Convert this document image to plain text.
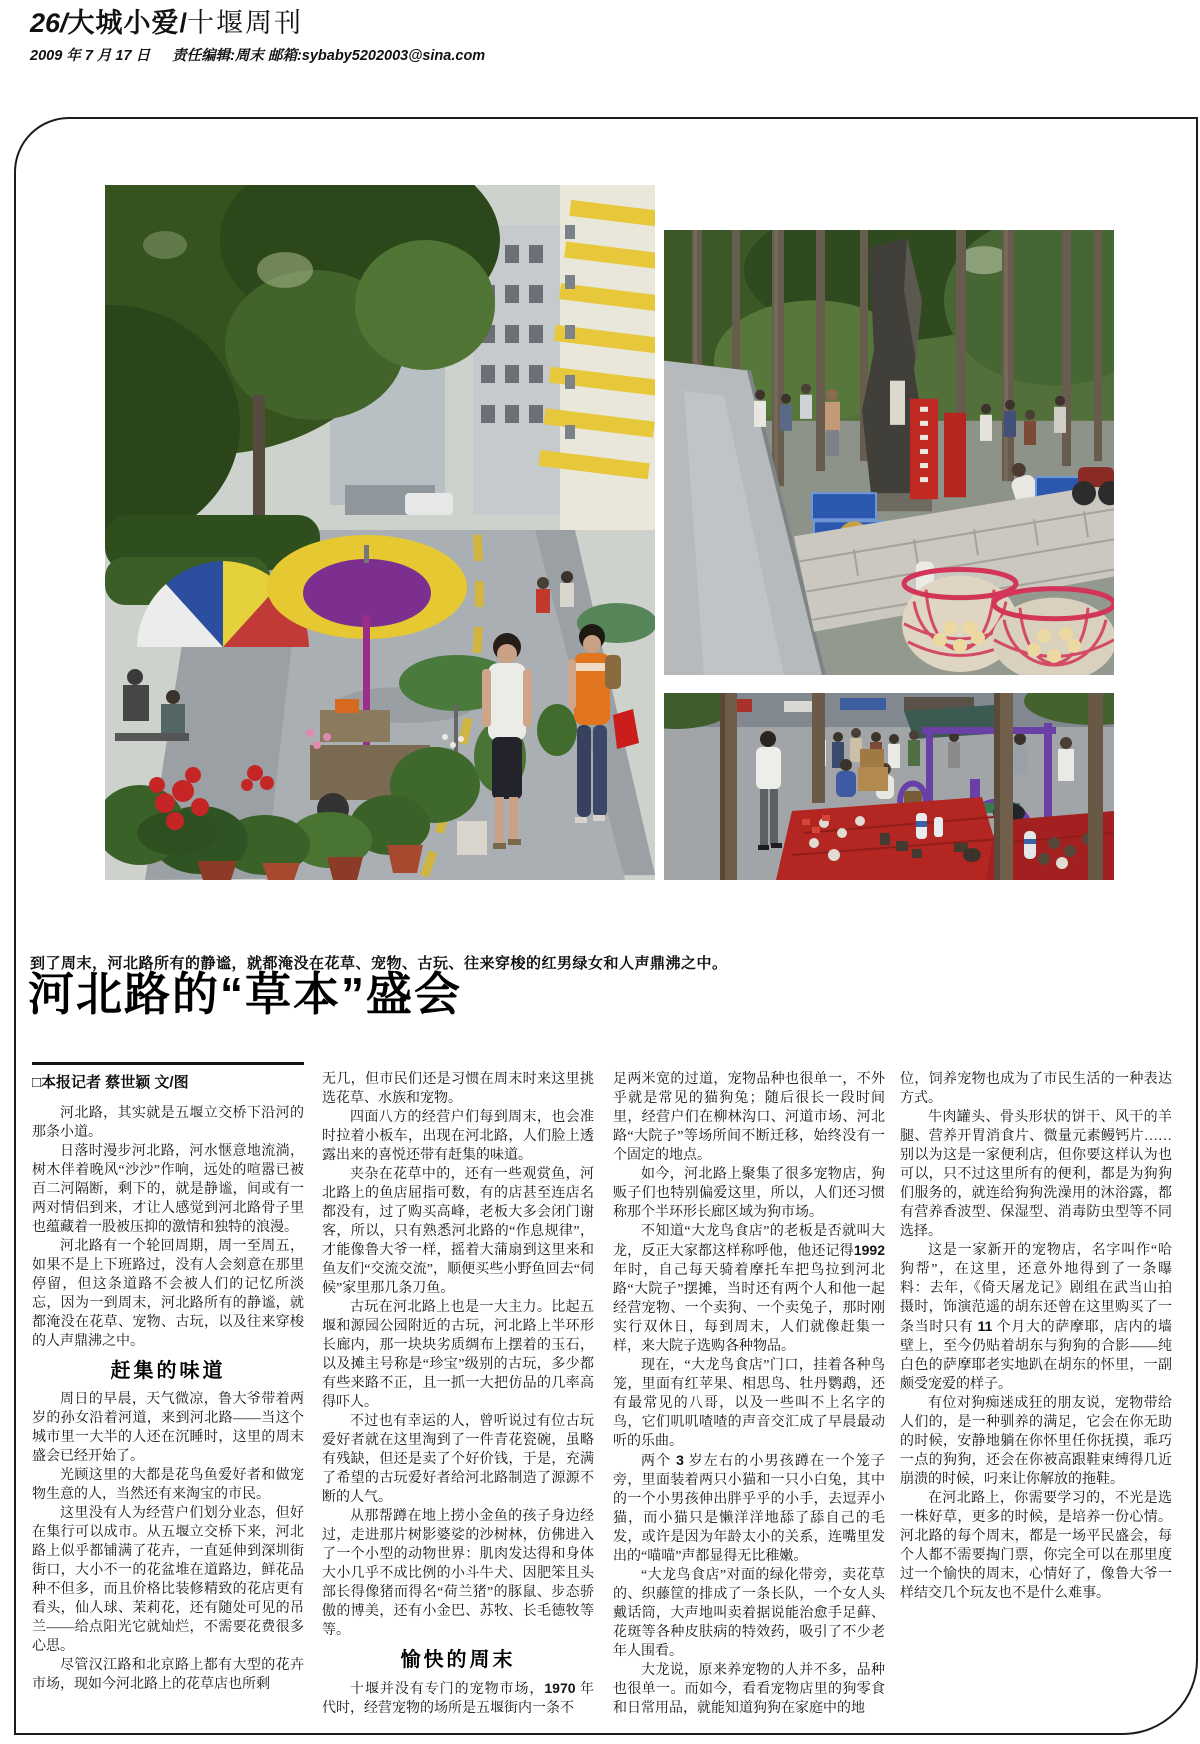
26/大城小爱/十堰周刊
2009 年 7 月 17 日 责任编辑:周末 邮箱:sybaby5202003@sina.com
到了周末，河北路所有的静谧，就都淹没在花草、宠物、古玩、往来穿梭的红男绿女和人声鼎沸之中。
河北路的“草本”盛会
□本报记者 蔡世颖 文/图

河北路，其实就是五堰立交桥下沿河的那条小道。

日落时漫步河北路，河水惬意地流淌，树木伴着晚风“沙沙”作响，远处的喧嚣已被百二河隔断，剩下的，就是静谧，间或有一两对情侣到来，才让人感觉到河北路骨子里也蕴藏着一股被压抑的激情和独特的浪漫。

河北路有一个轮回周期，周一至周五，如果不是上下班路过，没有人会刻意在那里停留，但这条道路不会被人们的记忆所淡忘，因为一到周末，河北路所有的静谧，就都淹没在花草、宠物、古玩，以及往来穿梭的人声鼎沸之中。

赶集的味道

周日的早晨，天气微凉，鲁大爷带着两岁的孙女沿着河道，来到河北路——当这个城市里一大半的人还在沉睡时，这里的周末盛会已经开始了。

光顾这里的大都是花鸟鱼爱好者和做宠物生意的人，当然还有来淘宝的市民。

这里没有人为经营户们划分业态，但好在集行可以成市。从五堰立交桥下来，河北路上似乎都铺满了花卉，一直延伸到深圳街街口，大小不一的花盆堆在道路边，鲜花品种不但多，而且价格比装修精致的花店更有看头，仙人球、茉莉花，还有随处可见的吊兰——给点阳光它就灿烂，不需要花费很多心思。

尽管汉江路和北京路上都有大型的花卉市场，现如今河北路上的花草店也所剩

无几，但市民们还是习惯在周末时来这里挑选花草、水族和宠物。

四面八方的经营户们每到周末，也会准时拉着小板车，出现在河北路，人们脸上透露出来的喜悦还带有赶集的味道。

夹杂在花草中的，还有一些观赏鱼，河北路上的鱼店屈指可数，有的店甚至连店名都没有，过了购买高峰，老板大多会闭门谢客，所以，只有熟悉河北路的“作息规律”，才能像鲁大爷一样，摇着大蒲扇到这里来和鱼友们“交流交流”，顺便买些小野鱼回去“伺候”家里那几条刀鱼。

古玩在河北路上也是一大主力。比起五堰和源园公园附近的古玩，河北路上半环形长廊内，那一块块劣质绸布上摆着的玉石，以及摊主号称是“珍宝”级别的古玩，多少都有些来路不正，且一抓一大把仿品的几率高得吓人。

不过也有幸运的人，曾听说过有位古玩爱好者就在这里淘到了一件青花瓷碗，虽略有残缺，但还是卖了个好价钱，于是，充满了希望的古玩爱好者给河北路制造了源源不断的人气。

从那帮蹲在地上捞小金鱼的孩子身边经过，走进那片树影婆娑的沙树林，仿佛进入了一个小型的动物世界：肌肉发达得和身体大小几乎不成比例的小斗牛犬、因肥笨且头部长得像猪而得名“荷兰猪”的豚鼠、步态骄傲的博美，还有小金巴、苏牧、长毛德牧等等。

愉快的周末

十堰并没有专门的宠物市场，1970 年代时，经营宠物的场所是五堰街内一条不

足两米宽的过道，宠物品种也很单一，不外乎就是常见的猫狗兔；随后很长一段时间里，经营户们在柳林沟口、河道市场、河北路“大院子”等场所间不断迁移，始终没有一个固定的地点。

如今，河北路上聚集了很多宠物店，狗贩子们也特别偏爱这里，所以，人们还习惯称那个半环形长廊区域为狗市场。

不知道“大龙鸟食店”的老板是否就叫大龙，反正大家都这样称呼他，他还记得1992 年时，自己每天骑着摩托车把鸟拉到河北路“大院子”摆摊，当时还有两个人和他一起经营宠物、一个卖狗、一个卖兔子，那时刚实行双休日，每到周末，人们就像赶集一样，来大院子选购各种物品。

现在，“大龙鸟食店”门口，挂着各种鸟笼，里面有红苹果、相思鸟、牡丹鹦鹉，还有最常见的八哥，以及一些叫不上名字的鸟，它们叽叽喳喳的声音交汇成了早晨最动听的乐曲。

两个 3 岁左右的小男孩蹲在一个笼子旁，里面装着两只小猫和一只小白兔，其中的一个小男孩伸出胖乎乎的小手，去逗弄小猫，而小猫只是懒洋洋地舔了舔自己的毛发，或许是因为年龄太小的关系，连嘴里发出的“喵喵”声都显得无比稚嫩。

“大龙鸟食店”对面的绿化带旁，卖花草的、织藤筐的排成了一条长队，一个女人头戴话筒，大声地叫卖着据说能治愈手足藓、花斑等各种皮肤病的特效药，吸引了不少老年人围看。

大龙说，原来养宠物的人并不多，品种也很单一。而如今，看看宠物店里的狗零食和日常用品，就能知道狗狗在家庭中的地

位，饲养宠物也成为了市民生活的一种表达方式。

牛肉罐头、骨头形状的饼干、风干的羊腿、营养开胃消食片、微量元素鳗钙片……别以为这是一家便利店，但你要这样认为也可以，只不过这里所有的便利，都是为狗狗们服务的，就连给狗狗洗澡用的沐浴露，都有营养香波型、保湿型、消毒防虫型等不同选择。

这是一家新开的宠物店，名字叫作“哈狗帮”，在这里，还意外地得到了一条曝料：去年，《倚天屠龙记》剧组在武当山拍摄时，饰演范遥的胡东还曾在这里购买了一条当时只有 11 个月大的萨摩耶，店内的墙壁上，至今仍贴着胡东与狗狗的合影——纯白色的萨摩耶老实地趴在胡东的怀里，一副颇受宠爱的样子。

有位对狗痴迷成狂的朋友说，宠物带给人们的，是一种驯养的满足，它会在你无助的时候，安静地躺在你怀里任你抚摸，乖巧一点的狗狗，还会在你被高跟鞋束缚得几近崩溃的时候，叼来让你解放的拖鞋。

在河北路上，你需要学习的，不光是选一株好草，更多的时候，是培养一份心情。河北路的每个周末，都是一场平民盛会，每个人都不需要掏门票，你完全可以在那里度过一个愉快的周末，心情好了，像鲁大爷一样结交几个玩友也不是什么难事。
